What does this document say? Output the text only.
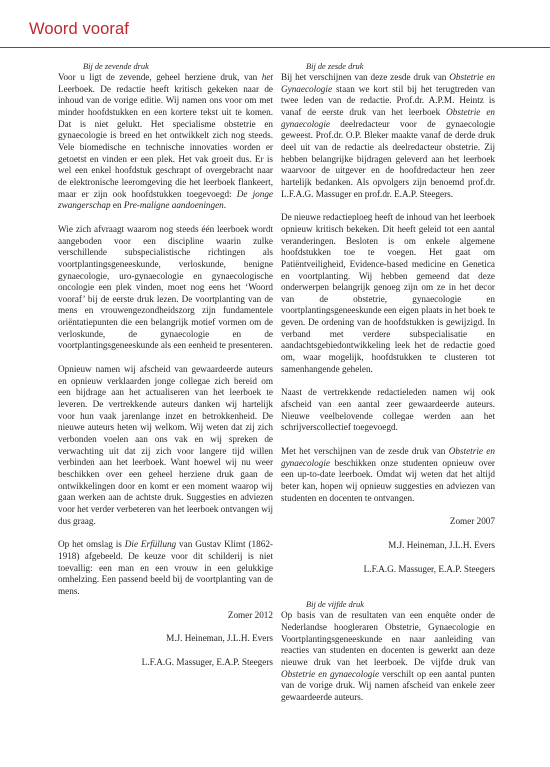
Woord vooraf
Bij de zevende druk

Voor u ligt de zevende, geheel herziene druk, van het Leerboek. De redactie heeft kritisch gekeken naar de inhoud van de vorige editie. Wij namen ons voor om met minder hoofdstukken en een kortere tekst uit te komen. Dat is niet gelukt. Het specialisme obstetrie en gynaecologie is breed en het ontwikkelt zich nog steeds. Vele biomedische en technische innovaties worden er getoetst en vinden er een plek. Het vak groeit dus. Er is wel een enkel hoofdstuk geschrapt of overgebracht naar de elektronische leeromgeving die het leerboek flankeert, maar er zijn ook hoofdstukken toegevoegd: De jonge zwangerschap en Pre-maligne aandoeningen.

Wie zich afvraagt waarom nog steeds één leerboek wordt aangeboden voor een discipline waarin zulke verschillende subspecialistische richtingen als voortplantingsgeneeskunde, verloskunde, benigne gynaecologie, uro-gynaecologie en gynaecologische oncologie een plek vinden, moet nog eens het ‘Woord vooraf’ bij de eerste druk lezen. De voortplanting van de mens en vrouwengezondheidszorg zijn fundamentele oriëntatiepunten die een belangrijk motief vormen om de verloskunde, de gynaecologie en de voortplantingsgeneeskunde als een eenheid te presenteren.

Opnieuw namen wij afscheid van gewaardeerde auteurs en opnieuw verklaarden jonge collegae zich bereid om een bijdrage aan het actualiseren van het leerboek te leveren. De vertrekkende auteurs danken wij hartelijk voor hun vaak jarenlange inzet en betrokkenheid. De nieuwe auteurs heten wij welkom. Wij weten dat zij zich verbonden voelen aan ons vak en wij spreken de verwachting uit dat zij zich voor langere tijd willen verbinden aan het leerboek. Want hoewel wij nu weer beschikken over een geheel herziene druk gaan de ontwikkelingen door en komt er een moment waarop wij gaan werken aan de achtste druk. Suggesties en adviezen voor het verder verbeteren van het leerboek ontvangen wij dus graag.

Op het omslag is Die Erfüllung van Gustav Klimt (1862-1918) afgebeeld. De keuze voor dit schilderij is niet toevallig: een man en een vrouw in een gelukkige omhelzing. Een passend beeld bij de voortplanting van de mens.

Zomer 2012

M.J. Heineman, J.L.H. Evers

L.F.A.G. Massuger, E.A.P. Steegers

Bij de zesde druk

Bij het verschijnen van deze zesde druk van Obstetrie en Gynaecologie staan we kort stil bij het terugtreden van twee leden van de redactie. Prof.dr. A.P.M. Heintz is vanaf de eerste druk van het leerboek Obstetrie en gynaecologie deelredacteur voor de gynaecologie geweest. Prof.dr. O.P. Bleker maakte vanaf de derde druk deel uit van de redactie als deelredacteur obstetrie. Zij hebben belangrijke bijdragen geleverd aan het leerboek waarvoor de uitgever en de hoofdredacteur hen zeer hartelijk bedanken. Als opvolgers zijn benoemd prof.dr. L.F.A.G. Massuger en prof.dr. E.A.P. Steegers.

De nieuwe redactieploeg heeft de inhoud van het leerboek opnieuw kritisch bekeken. Dit heeft geleid tot een aantal veranderingen. Besloten is om enkele algemene hoofdstukken toe te voegen. Het gaat om Patiëntveiligheid, Evidence-based medicine en Genetica en voortplanting. Wij hebben gemeend dat deze onderwerpen belangrijk genoeg zijn om ze in het decor van de obstetrie, gynaecologie en voortplantingsgeneeskunde een eigen plaats in het boek te geven. De ordening van de hoofdstukken is gewijzigd. In verband met verdere subspecialisatie en aandachtsgebiedontwikkeling leek het de redactie goed om, waar mogelijk, hoofdstukken te clusteren tot samenhangende gehelen.

Naast de vertrekkende redactieleden namen wij ook afscheid van een aantal zeer gewaardeerde auteurs. Nieuwe veelbelovende collegae werden aan het schrijverscollectief toegevoegd.

Met het verschijnen van de zesde druk van Obstetrie en gynaecologie beschikken onze studenten opnieuw over een up-to-date leerboek. Omdat wij weten dat het altijd beter kan, hopen wij opnieuw suggesties en adviezen van studenten en docenten te ontvangen.

Zomer 2007

M.J. Heineman, J.L.H. Evers

L.F.A.G. Massuger, E.A.P. Steegers

Bij de vijfde druk

Op basis van de resultaten van een enquête onder de Nederlandse hoogleraren Obstetrie, Gynaecologie en Voortplantingsgeneeskunde en naar aanleiding van reacties van studenten en docenten is gewerkt aan deze nieuwe druk van het leerboek. De vijfde druk van Obstetrie en gynaecologie verschilt op een aantal punten van de vorige druk. Wij namen afscheid van enkele zeer gewaardeerde auteurs.
